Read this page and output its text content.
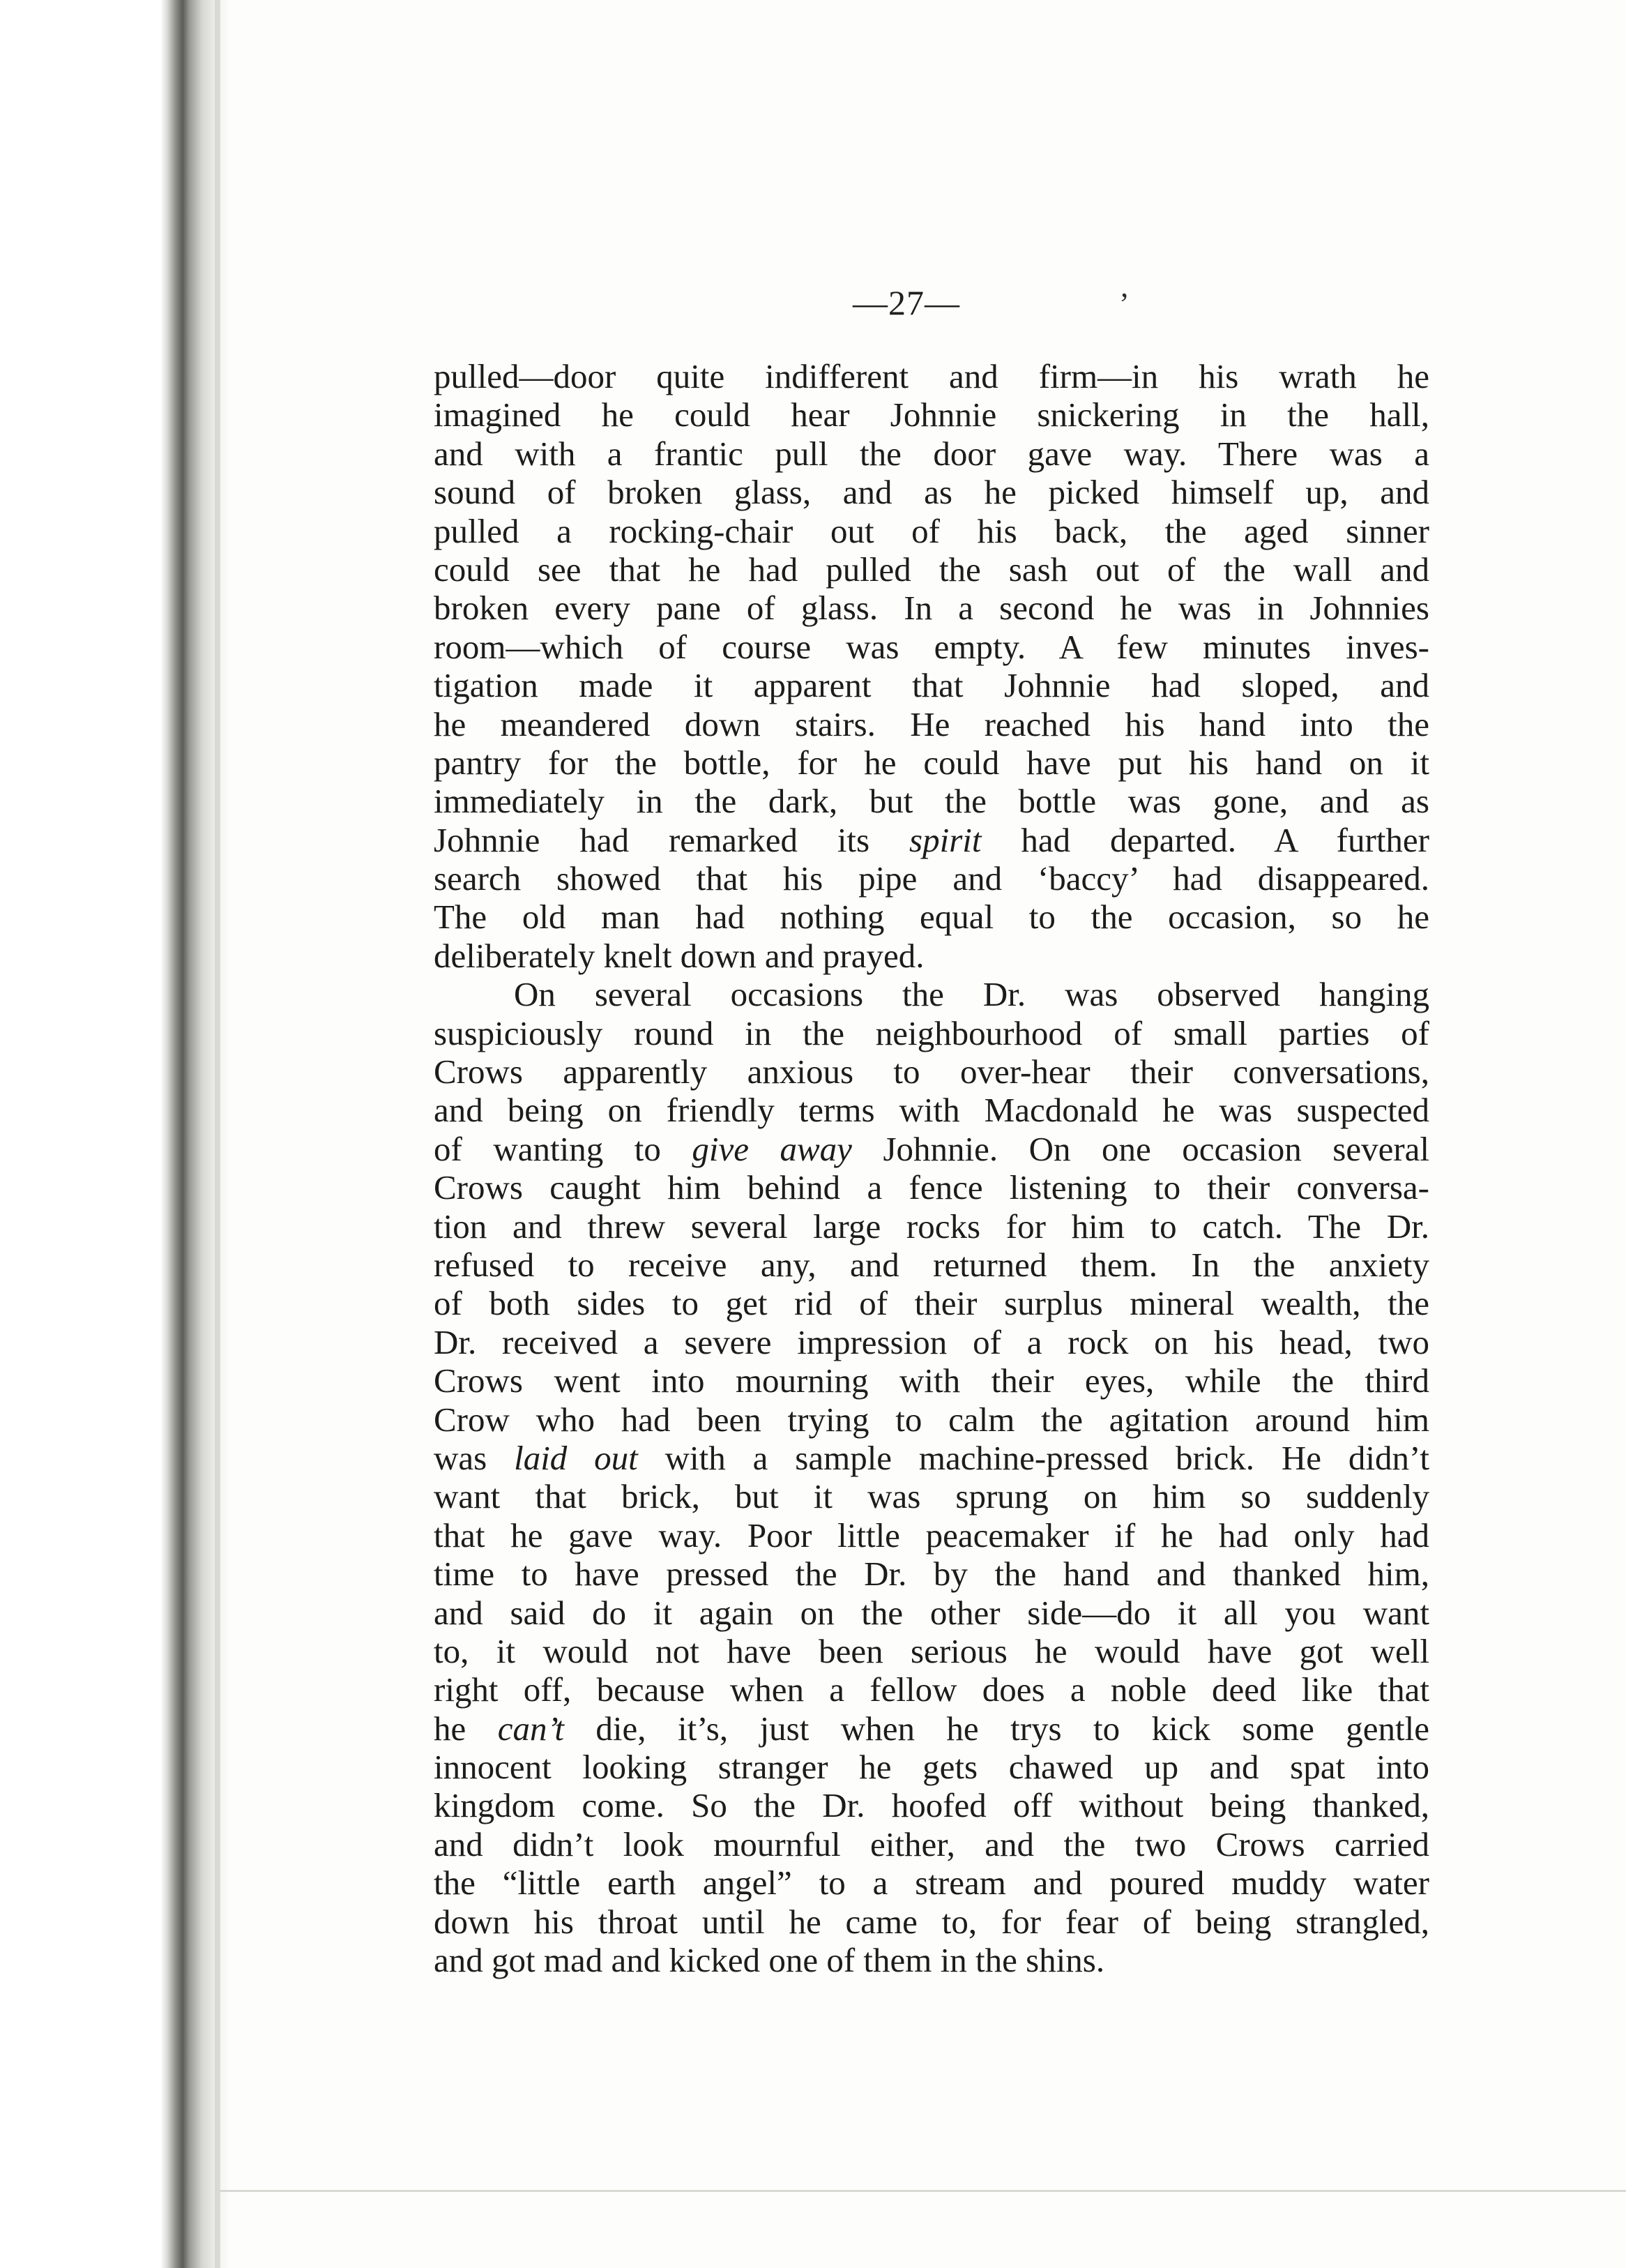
—27—	’
pulled—door quite indifferent and firm—in his wrath he
imagined he could hear Johnnie snickering in the hall,
and with a frantic pull the door gave way. There was a
sound of broken glass, and as he picked himself up, and
pulled a rocking-chair out of his back, the aged sinner
could see that he had pulled the sash out of the wall and
broken every pane of glass. In a second he was in Johnnies
room—which of course was empty. A few minutes inves-
tigation made it apparent that Johnnie had sloped, and
he meandered down stairs. He reached his hand into the
pantry for the bottle, for he could have put his hand on it
immediately in the dark, but the bottle was gone, and as
Johnnie had remarked its spirit had departed. A further
search showed that his pipe and ‘baccy’ had disappeared.
The old man had nothing equal to the occasion, so he
deliberately knelt down and prayed.
On several occasions the Dr. was observed hanging
suspiciously round in the neighbourhood of small parties of
Crows apparently anxious to over-hear their conversations,
and being on friendly terms with Macdonald he was suspected
of wanting to give away Johnnie. On one occasion several
Crows caught him behind a fence listening to their conversa-
tion and threw several large rocks for him to catch. The Dr.
refused to receive any, and returned them. In the anxiety
of both sides to get rid of their surplus mineral wealth, the
Dr. received a severe impression of a rock on his head, two
Crows went into mourning with their eyes, while the third
Crow who had been trying to calm the agitation around him
was laid out with a sample machine-pressed brick. He didn’t
want that brick, but it was sprung on him so suddenly
that he gave way. Poor little peacemaker if he had only had
time to have pressed the Dr. by the hand and thanked him,
and said do it again on the other side—do it all you want
to, it would not have been serious he would have got well
right off, because when a fellow does a noble deed like that
he can’t die, it’s, just when he trys to kick some gentle
innocent looking stranger he gets chawed up and spat into
kingdom come. So the Dr. hoofed off without being thanked,
and didn’t look mournful either, and the two Crows carried
the “little earth angel” to a stream and poured muddy water
down his throat until he came to, for fear of being strangled,
and got mad and kicked one of them in the shins.
